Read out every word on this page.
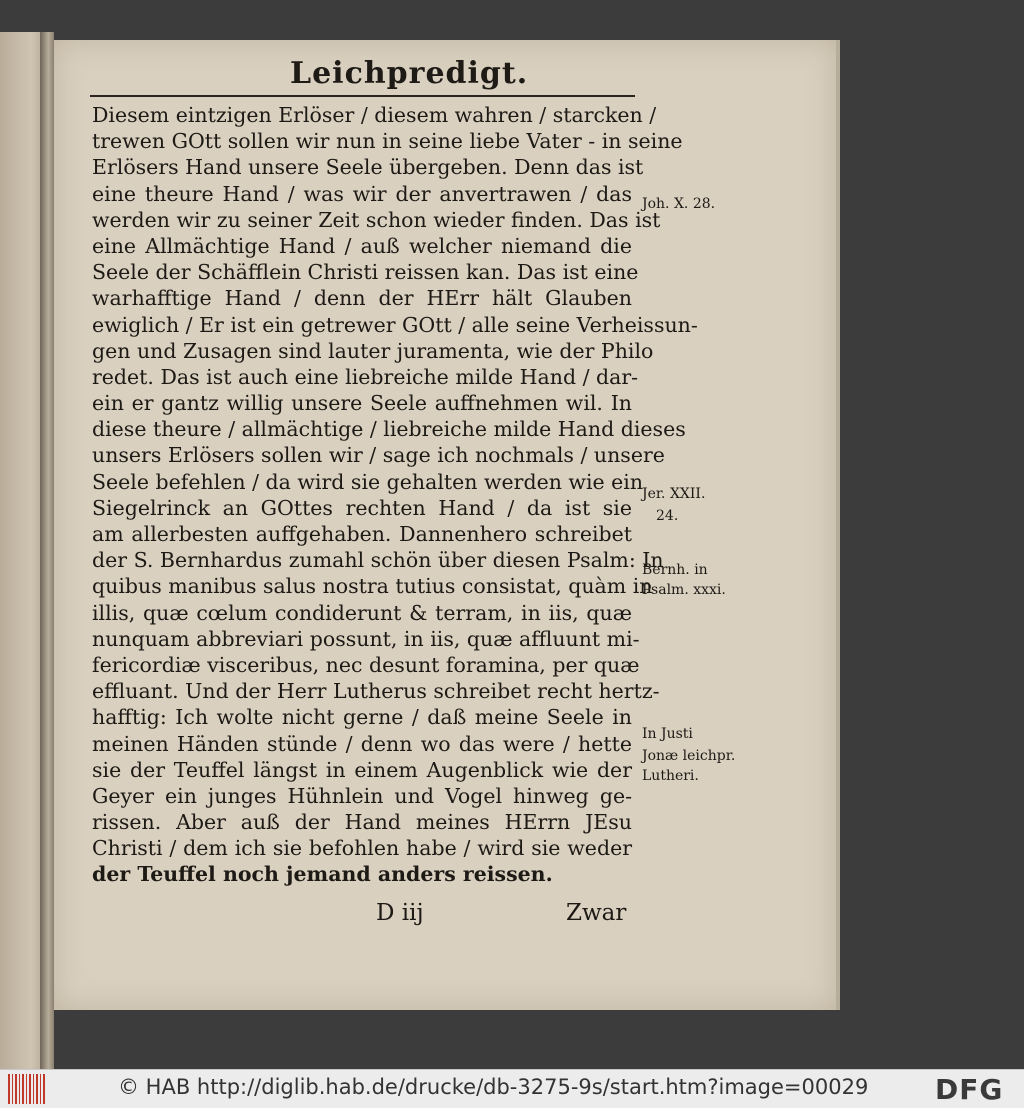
Leichpredigt.
Diesem eintzigen Erlöser / diesem wahren / starcken /
trewen GOtt sollen wir nun in seine liebe Vater - in seine
Erlösers Hand unsere Seele übergeben. Denn das ist
eine theure Hand / was wir der anvertrawen / das
werden wir zu seiner Zeit schon wieder finden. Das ist
eine Allmächtige Hand / auß welcher niemand die
Seele der Schäfflein Christi reissen kan. Das ist eine
warhafftige Hand / denn der HErr hält Glauben
ewiglich / Er ist ein getrewer GOtt / alle seine Verheissun-
gen und Zusagen sind lauter juramenta, wie der Philo
redet. Das ist auch eine liebreiche milde Hand / dar-
ein er gantz willig unsere Seele auffnehmen wil. In
diese theure / allmächtige / liebreiche milde Hand dieses
unsers Erlösers sollen wir / sage ich nochmals / unsere
Seele befehlen / da wird sie gehalten werden wie ein
Siegelrinck an GOttes rechten Hand / da ist sie
am allerbesten auffgehaben. Dannenhero schreibet
der S. Bernhardus zumahl schön über diesen Psalm: In
quibus manibus salus nostra tutius consistat, quàm in
illis, quæ cœlum condiderunt & terram, in iis, quæ
nunquam abbreviari possunt, in iis, quæ affluunt mi-
fericordiæ visceribus, nec desunt foramina, per quæ
effluant. Und der Herr Lutherus schreibet recht hertz-
hafftig: Ich wolte nicht gerne / daß meine Seele in
meinen Händen stünde / denn wo das were / hette
sie der Teuffel längst in einem Augenblick wie der
Geyer ein junges Hühnlein und Vogel hinweg ge-
rissen. Aber auß der Hand meines HErrn JEsu
Christi / dem ich sie befohlen habe / wird sie weder
der Teuffel noch jemand anders reissen.
Joh. X. 28.
Jer. XXII.
24.
Bernh. in
Psalm. xxxi.
In Justi
Jonæ leichpr.
Lutheri.
D iij	Zwar
© HAB http://diglib.hab.de/drucke/db-3275-9s/start.htm?image=00029 DFG
